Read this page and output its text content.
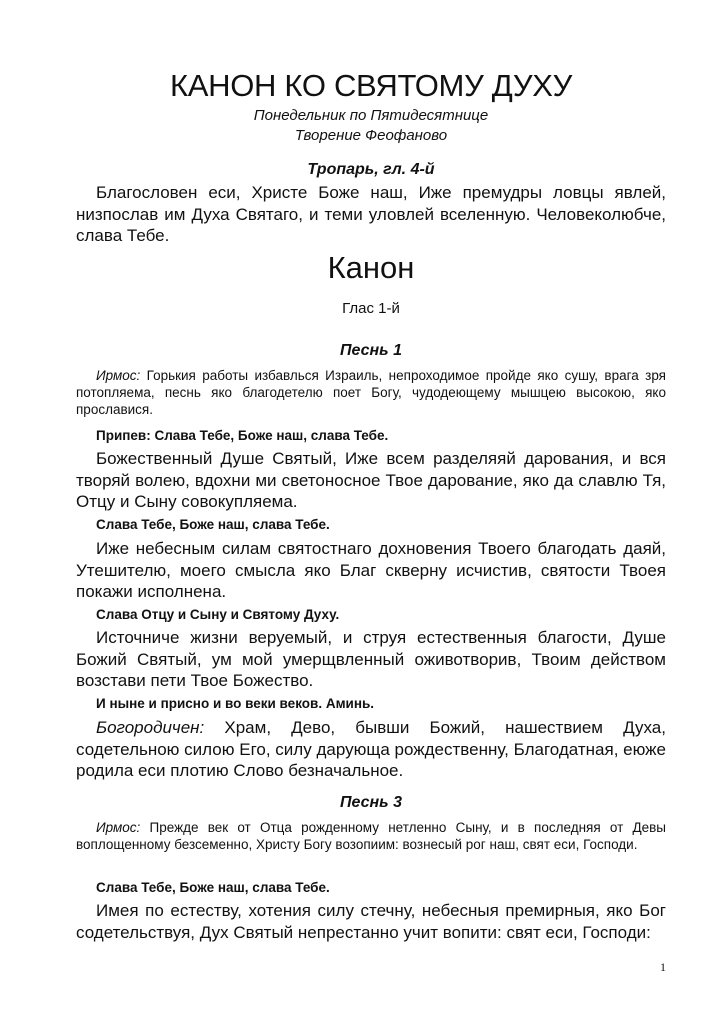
КАНОН КО СВЯТОМУ ДУХУ
Понедельник по Пятидесятнице
Творение Феофаново
Тропарь, гл. 4-й

Благословен еси, Христе Боже наш, Иже премудры ловцы явлей, низпослав им Духа Святаго, и теми уловлей вселенную. Человеколюбче, слава Тебе.

Канон
Глас 1-й
Песнь 1

Ирмос: Горькия работы избавлься Израиль, непроходимое пройде яко сушу, врага зря потопляема, песнь яко благодетелю поет Богу, чудодеющему мышцею высокою, яко прославися.

Припев: Слава Тебе, Боже наш, слава Тебе.

Божественный Душе Святый, Иже всем разделяяй дарования, и вся творяй волею, вдохни ми светоносное Твое дарование, яко да славлю Тя, Отцу и Сыну совокупляема.

Слава Тебе, Боже наш, слава Тебе.

Иже небесным силам святостнаго дохновения Твоего благодать даяй, Утешителю, моего смысла яко Благ скверну исчистив, святости Твоея покажи исполнена.

Слава Отцу и Сыну и Святому Духу.

Источниче жизни веруемый, и струя естественныя благости, Душе Божий Святый, ум мой умерщвленный оживотворив, Твоим действом возстави пети Твое Божество.

И ныне и присно и во веки веков. Аминь.

Богородичен: Храм, Дево, бывши Божий, нашествием Духа, содетельною силою Его, силу дарующа рождественну, Благодатная, еюже родила еси плотию Слово безначальное.

Песнь 3

Ирмос: Прежде век от Отца рожденному нетленно Сыну, и в последняя от Девы воплощенному безсеменно, Христу Богу возопиим: вознесый рог наш, свят еси, Господи.

Слава Тебе, Боже наш, слава Тебе.

Имея по естеству, хотения силу стечну, небесныя премирныя, яко Бог содетельствуя, Дух Святый непрестанно учит вопити: свят еси, Господи:

1
